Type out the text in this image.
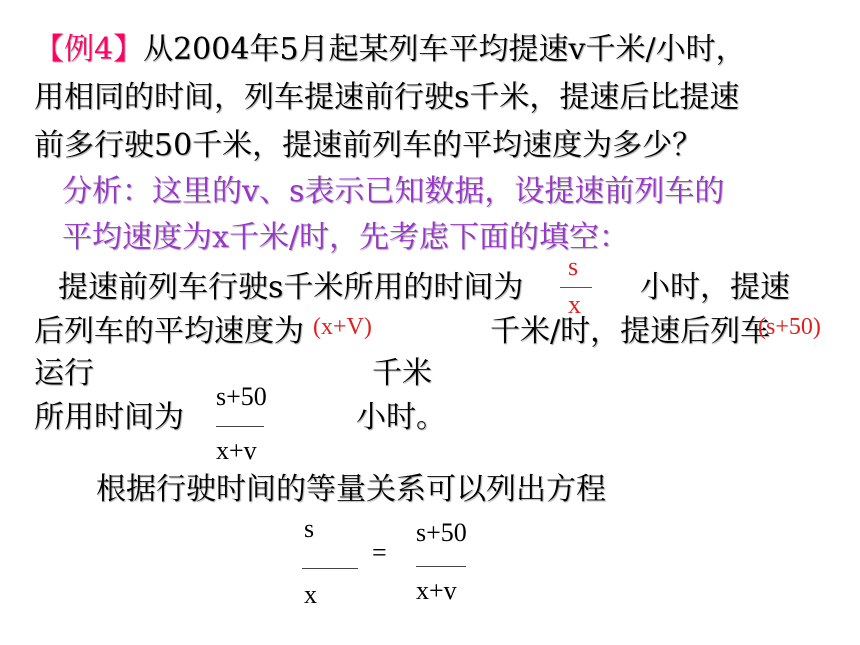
【例4】从2004年5月起某列车平均提速v千米/小时，
用相同的时间，列车提速前行驶s千米，提速后比提速
前多行驶50千米，提速前列车的平均速度为多少？
分析：这里的v、s表示已知数据，设提速前列车的
平均速度为x千米/时，先考虑下面的填空：
提速前列车行驶s千米所用的时间为
s
x 小时，提速
后列车的平均速度为 (x+V)	千米/时，提速后列车
(s+50)
运行	千米
所用时间为
s+50
x+v
小时。
根据行驶时间的等量关系可以列出方程
s
x
=
s+50
x+v
